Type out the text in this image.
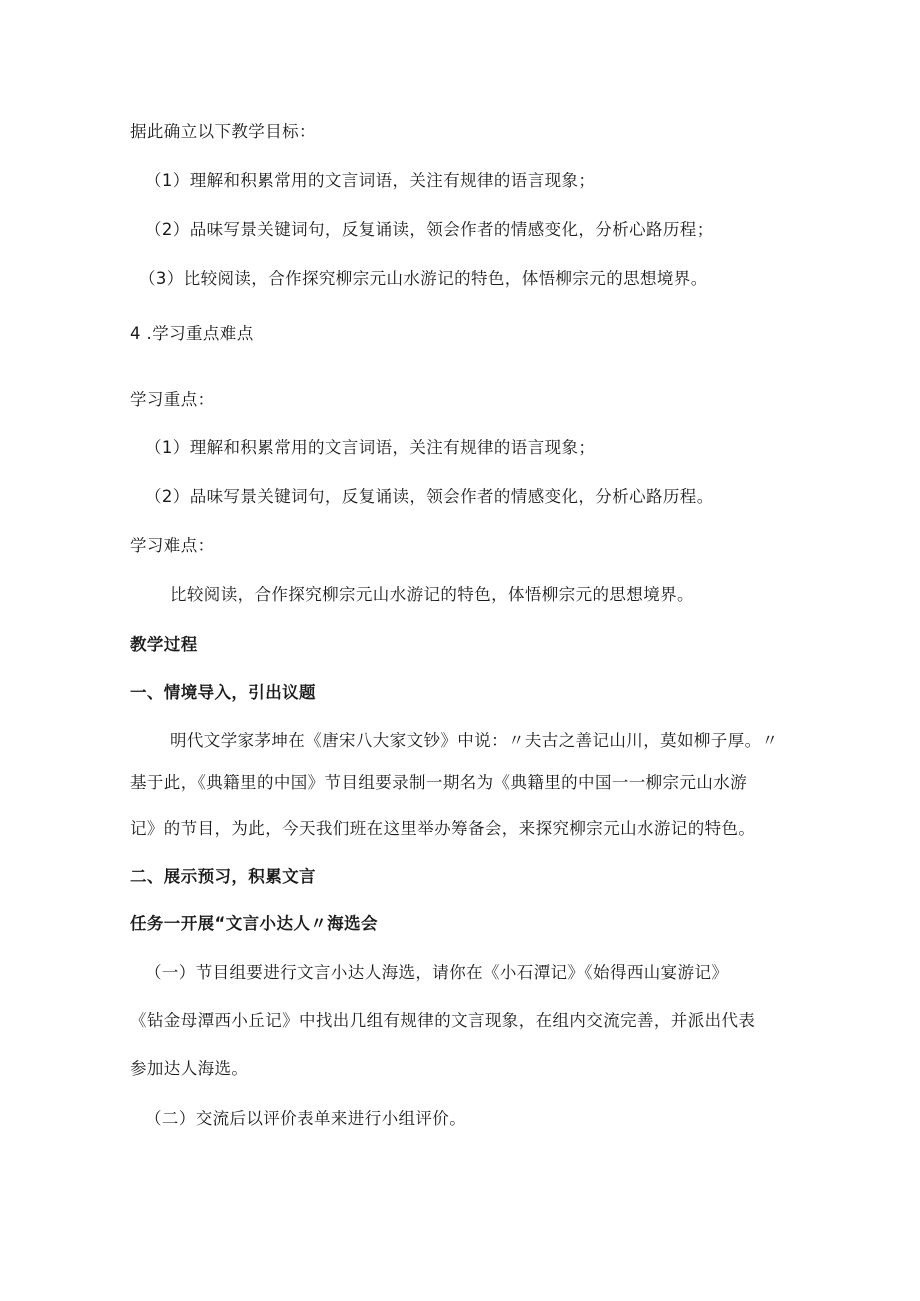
据此确立以下教学目标：
（1）理解和积累常用的文言词语，关注有规律的语言现象；
（2）品味写景关键词句，反复诵读，领会作者的情感变化，分析心路历程；
（3）比较阅读，合作探究柳宗元山水游记的特色，体悟柳宗元的思想境界。
4 .学习重点难点
学习重点：
（1）理解和积累常用的文言词语，关注有规律的语言现象；
（2）品味写景关键词句，反复诵读，领会作者的情感变化，分析心路历程。
学习难点：
比较阅读，合作探究柳宗元山水游记的特色，体悟柳宗元的思想境界。
教学过程
一、情境导入，引出议题
明代文学家茅坤在《唐宋八大家文钞》中说：〃夫古之善记山川，莫如柳子厚。〃
基于此，《典籍里的中国》节目组要录制一期名为《典籍里的中国一一柳宗元山水游
记》的节目，为此，今天我们班在这里举办筹备会，来探究柳宗元山水游记的特色。
二、展示预习，积累文言
任务一开展“文言小达人〃海选会
（一）节目组要进行文言小达人海选，请你在《小石潭记》《始得西山宴游记》
《钻金母潭西小丘记》中找出几组有规律的文言现象，在组内交流完善，并派出代表
参加达人海选。
（二）交流后以评价表单来进行小组评价。
